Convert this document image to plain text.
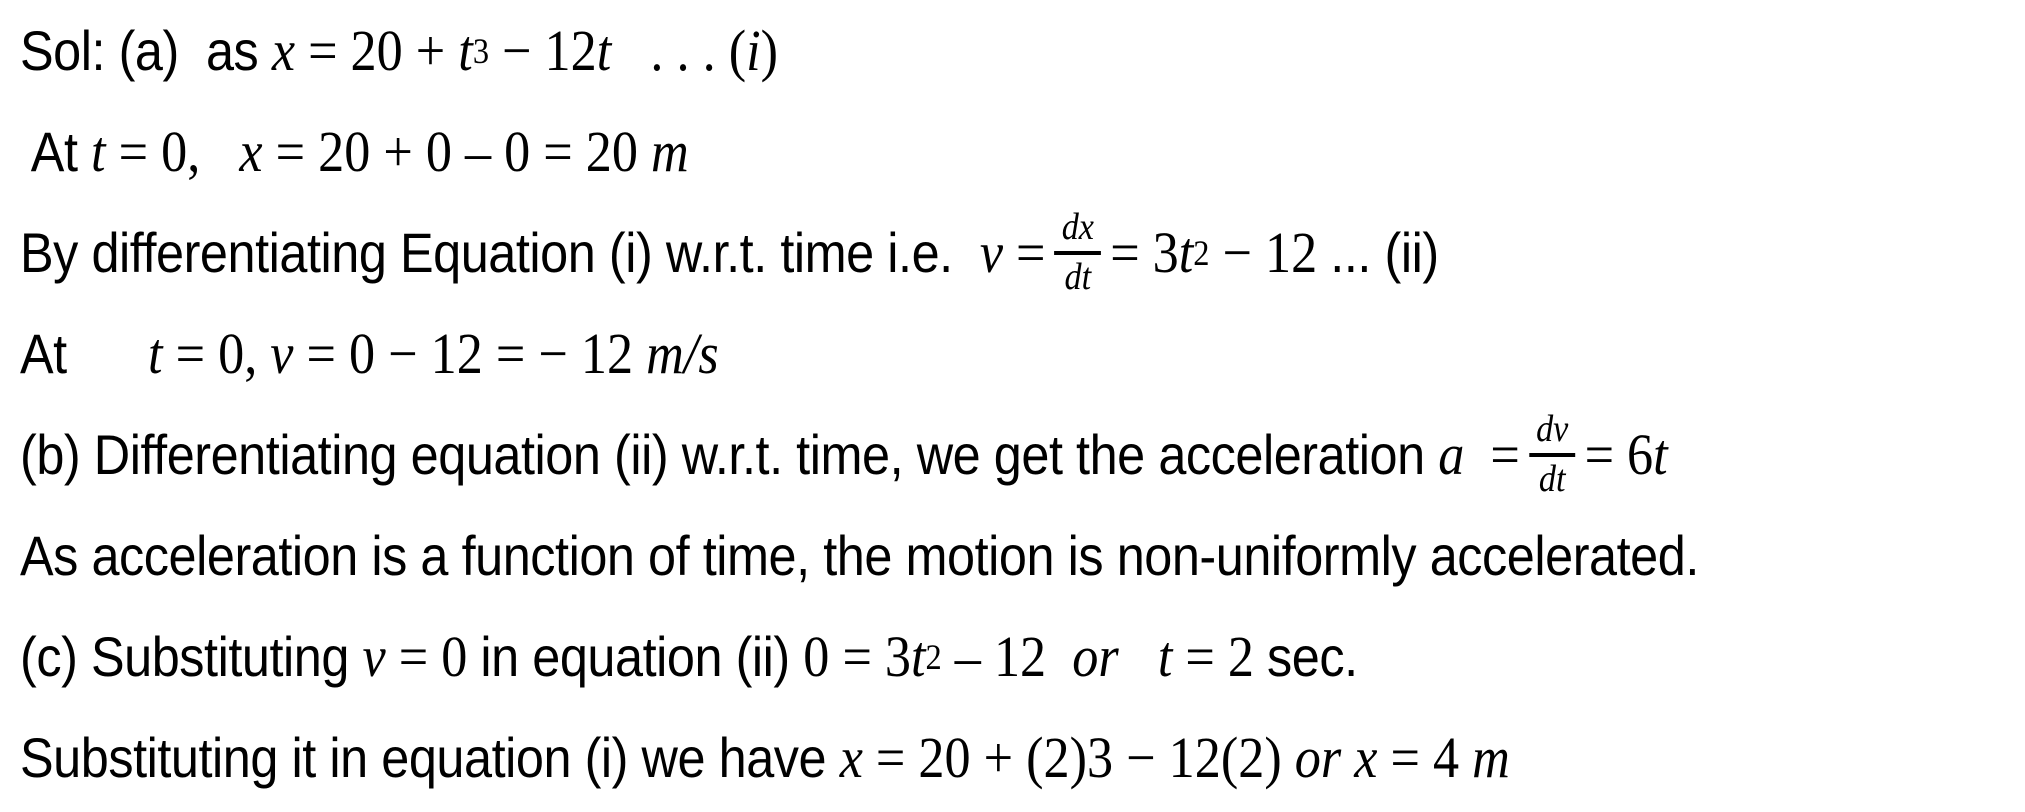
Sol: (a)  as x = 20 + t 3 − 12 t . . . ( i )
At t = 0, x = 20 + 0 – 0 = 20 m
By differentiating Equation (i) w.r.t. time i.e. $v = \frac{dx}{dt} = 3$ t 2 − 12 ... (ii)
At t = 0, v = 0 − 12 = − 12 m/s
(b) Differentiating equation (ii) w.r.t. time, we get the acceleration $a = \frac{dv}{dt} = 6$ t
As acceleration is a function of time, the motion is non-uniformly accelerated.
(c) Substituting v = 0 in equation (ii) 0 = 3 t 2 – 12 or
t = 2 sec.
Substituting it in equation (i) we have x = 20 + (2)3 − 12(2) or x = 4 m
